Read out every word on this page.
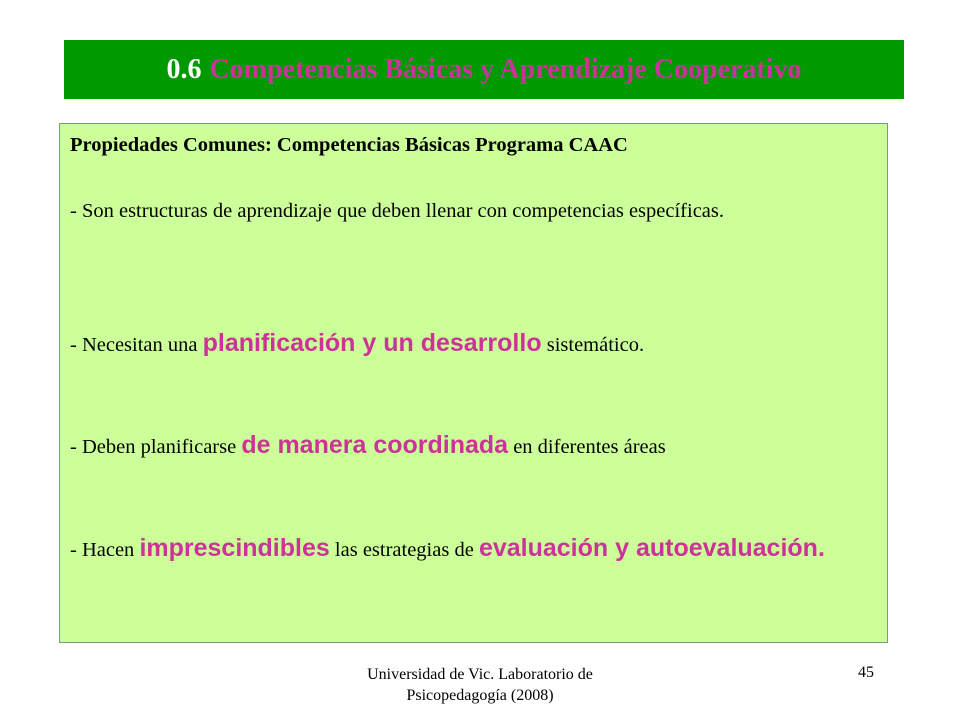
0.6 Competencias Básicas y Aprendizaje Cooperativo
Propiedades Comunes: Competencias Básicas Programa CAAC
- Son estructuras de aprendizaje que deben llenar con competencias específicas.
- Necesitan una planificación y un desarrollo sistemático.
- Deben planificarse de manera coordinada en diferentes áreas
- Hacen imprescindibles las estrategias de evaluación y autoevaluación.
Universidad de Vic. Laboratorio de Psicopedagogía (2008)
45
